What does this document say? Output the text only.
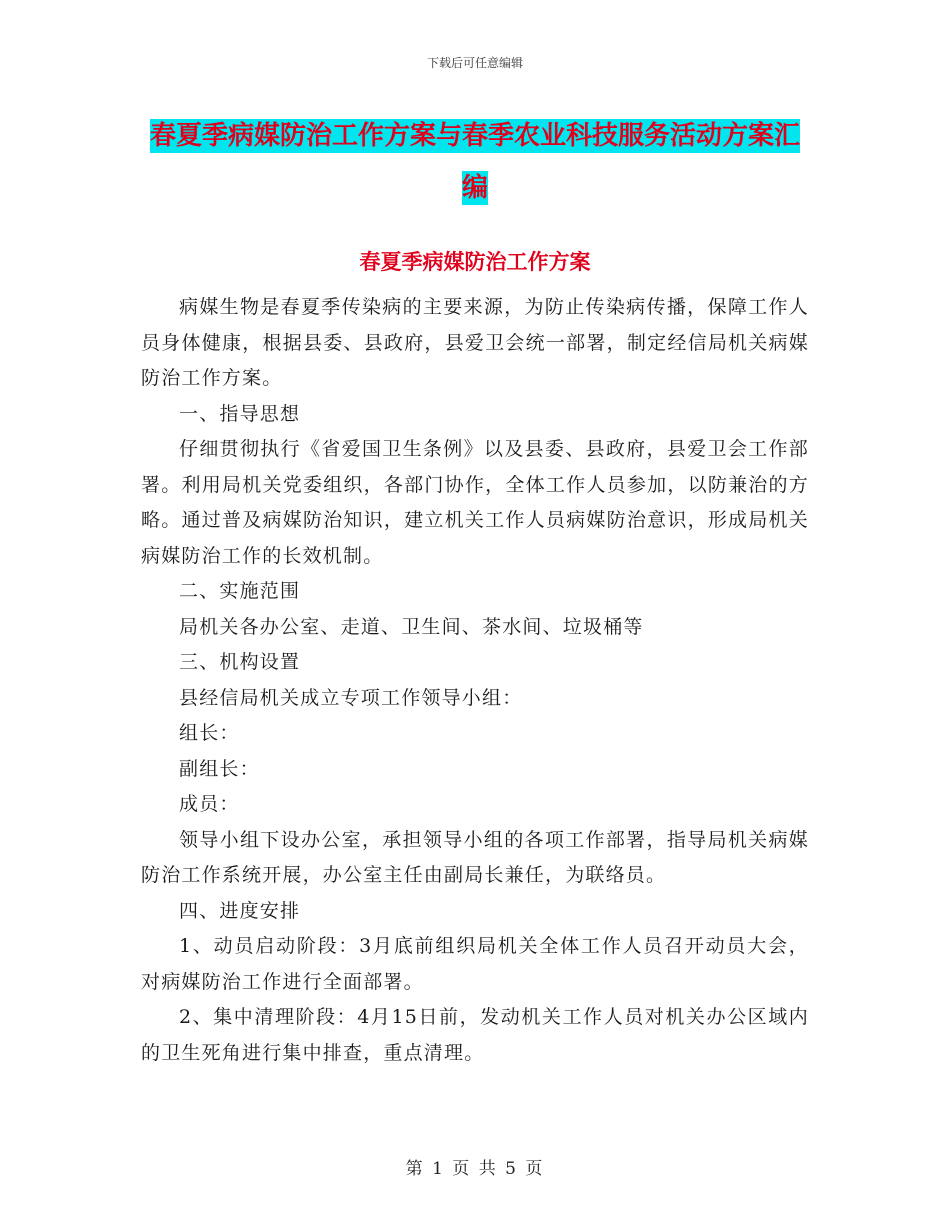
下载后可任意编辑
春夏季病媒防治工作方案与春季农业科技服务活动方案汇编
春夏季病媒防治工作方案

病媒生物是春夏季传染病的主要来源，为防止传染病传播，保障工作人员身体健康，根据县委、县政府，县爱卫会统一部署，制定经信局机关病媒防治工作方案。

一、指导思想

仔细贯彻执行《省爱国卫生条例》以及县委、县政府，县爱卫会工作部署。利用局机关党委组织，各部门协作，全体工作人员参加，以防兼治的方略。通过普及病媒防治知识，建立机关工作人员病媒防治意识，形成局机关病媒防治工作的长效机制。

二、实施范围

局机关各办公室、走道、卫生间、茶水间、垃圾桶等

三、机构设置

县经信局机关成立专项工作领导小组：

组长：

副组长：

成员：

领导小组下设办公室，承担领导小组的各项工作部署，指导局机关病媒防治工作系统开展，办公室主任由副局长兼任，为联络员。

四、进度安排

1、动员启动阶段：3月底前组织局机关全体工作人员召开动员大会，对病媒防治工作进行全面部署。

2、集中清理阶段：4月15日前，发动机关工作人员对机关办公区域内的卫生死角进行集中排查，重点清理。

第 1 页 共 5 页
